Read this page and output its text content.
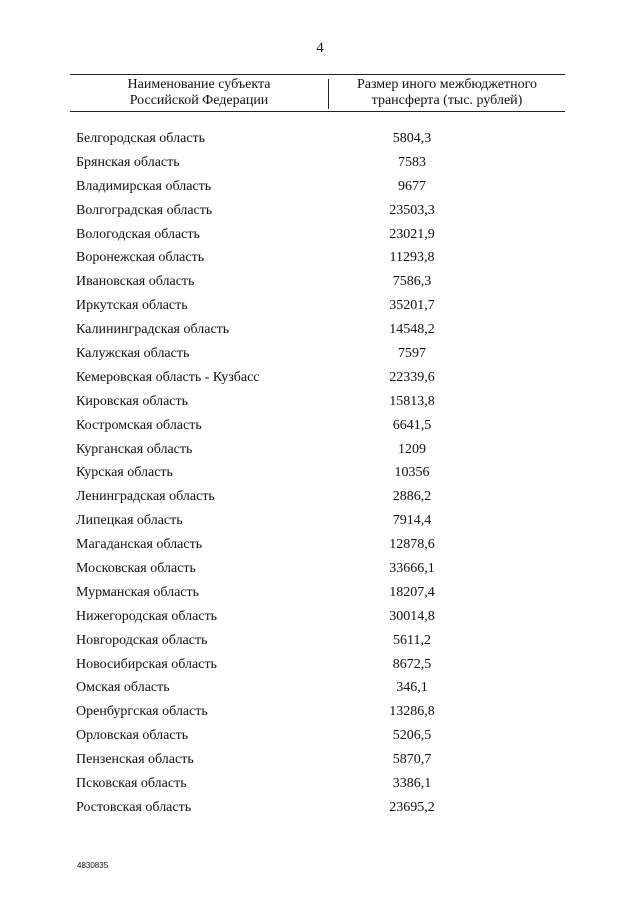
4
Наименование субъекта
Российской Федерации
Размер иного межбюджетного
трансферта (тыс. рублей)
Белгородская область	5804,3
Брянская область	7583
Владимирская область	9677
Волгоградская область	23503,3
Вологодская область	23021,9
Воронежская область	11293,8
Ивановская область	7586,3
Иркутская область	35201,7
Калининградская область	14548,2
Калужская область	7597
Кемеровская область - Кузбасс	22339,6
Кировская область	15813,8
Костромская область	6641,5
Курганская область	1209
Курская область	10356
Ленинградская область	2886,2
Липецкая область	7914,4
Магаданская область	12878,6
Московская область	33666,1
Мурманская область	18207,4
Нижегородская область	30014,8
Новгородская область	5611,2
Новосибирская область	8672,5
Омская область	346,1
Оренбургская область	13286,8
Орловская область	5206,5
Пензенская область	5870,7
Псковская область	3386,1
Ростовская область	23695,2
4830835
